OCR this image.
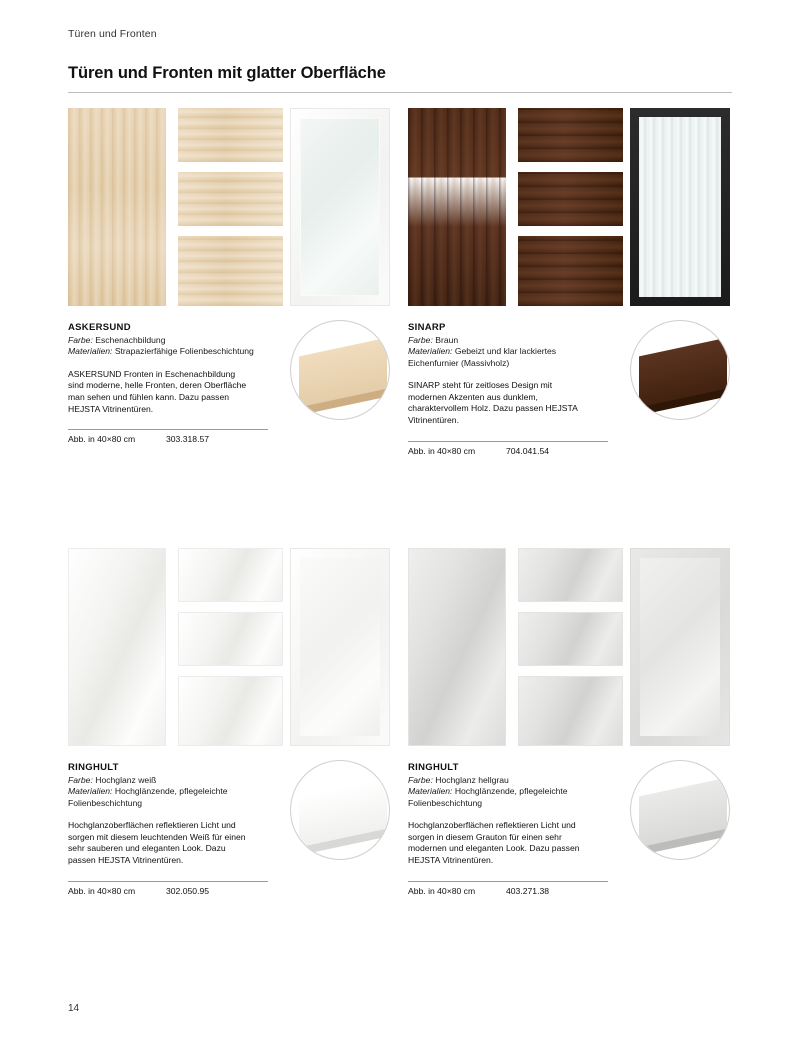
Türen und Fronten
Türen und Fronten mit glatter Oberfläche
ASKERSUND
Farbe: Eschenachbildung
Materialien: Strapazierfähige Folienbeschichtung
ASKERSUND Fronten in Eschenachbildung sind moderne, helle Fronten, deren Oberfläche man sehen und fühlen kann. Dazu passen HEJSTA Vitrinentüren.
Abb. in 40×80 cm	303.318.57
SINARP
Farbe: Braun
Materialien: Gebeizt und klar lackiertes Eichenfurnier (Massivholz)
SINARP steht für zeitloses Design mit modernen Akzenten aus dunklem, charaktervollem Holz. Dazu passen HEJSTA Vitrinentüren.
Abb. in 40×80 cm	704.041.54
RINGHULT
Farbe: Hochglanz weiß
Materialien: Hochglänzende, pflegeleichte Folienbeschichtung
Hochglanzoberflächen reflektieren Licht und sorgen mit diesem leuchtenden Weiß für einen sehr sauberen und eleganten Look. Dazu passen HEJSTA Vitrinentüren.
Abb. in 40×80 cm	302.050.95
RINGHULT
Farbe: Hochglanz hellgrau
Materialien: Hochglänzende, pflegeleichte Folienbeschichtung
Hochglanzoberflächen reflektieren Licht und sorgen in diesem Grauton für einen sehr modernen und eleganten Look. Dazu passen HEJSTA Vitrinentüren.
Abb. in 40×80 cm	403.271.38
14
